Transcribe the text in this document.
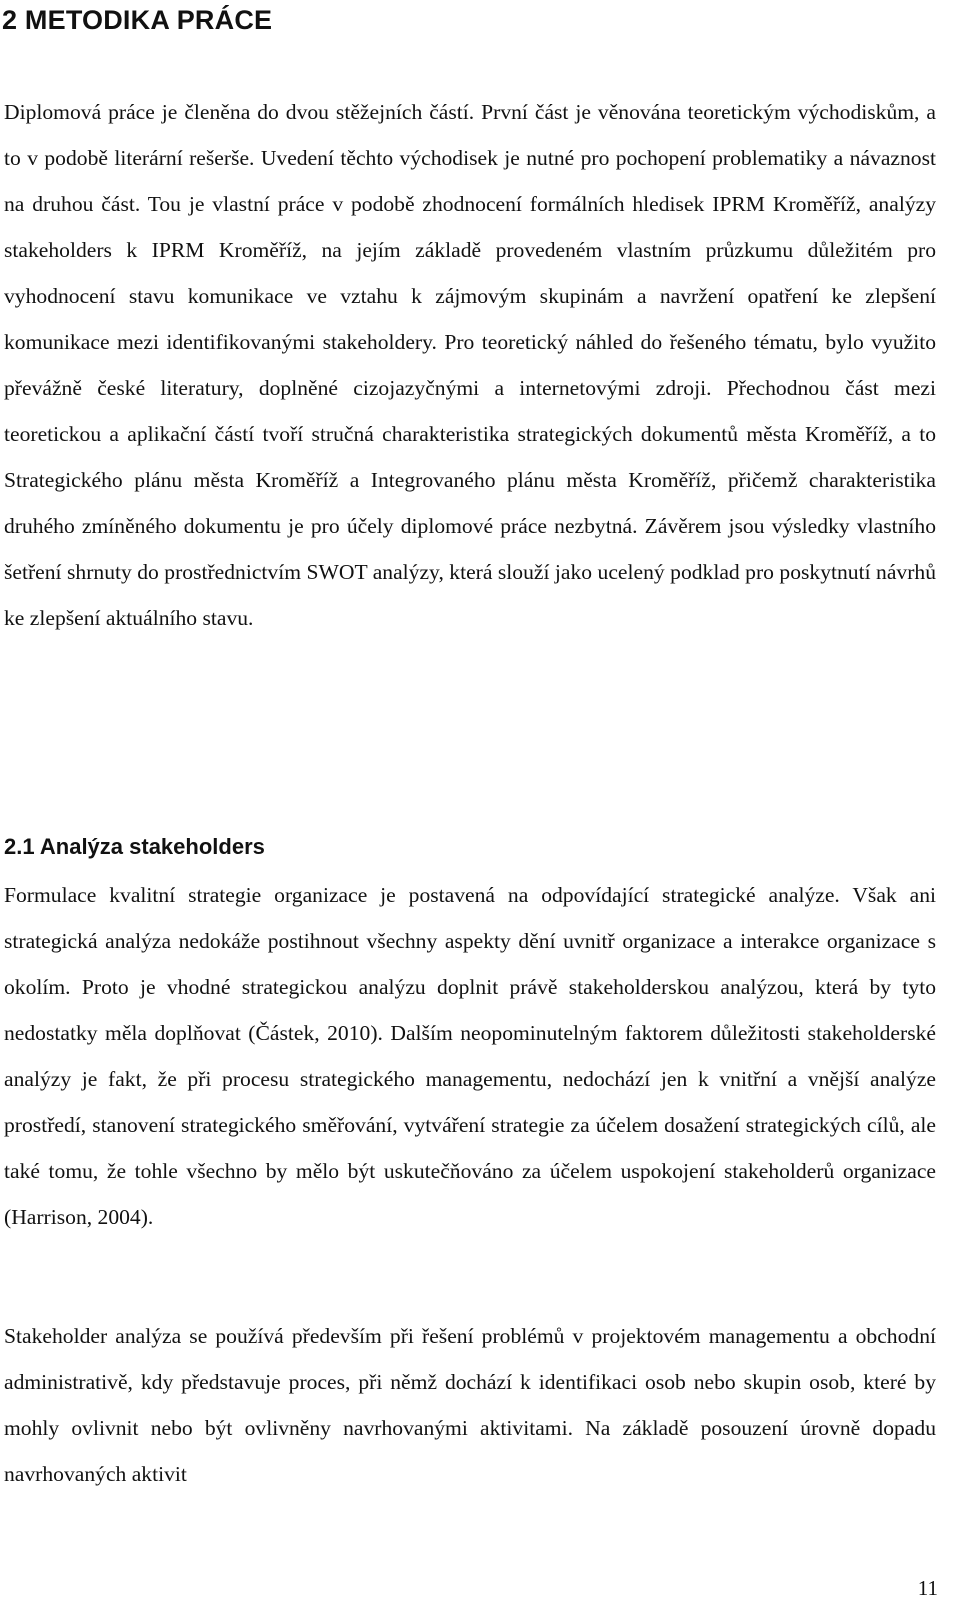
2 METODIKA PRÁCE

Diplomová práce je členěna do dvou stěžejních částí. První část je věnována teoretickým východiskům, a to v podobě literární rešerše. Uvedení těchto východisek je nutné pro pochopení problematiky a návaznost na druhou část. Tou je vlastní práce v podobě zhodnocení formálních hledisek IPRM Kroměříž, analýzy stakeholders k IPRM Kroměříž, na jejím základě provedeném vlastním průzkumu důležitém pro vyhodnocení stavu komunikace ve vztahu k zájmovým skupinám a navržení opatření ke zlepšení komunikace mezi identifikovanými stakeholdery. Pro teoretický náhled do řešeného tématu, bylo využito převážně české literatury, doplněné cizojazyčnými a internetovými zdroji. Přechodnou část mezi teoretickou a aplikační částí tvoří stručná charakteristika strategických dokumentů města Kroměříž, a to Strategického plánu města Kroměříž a Integrovaného plánu města Kroměříž, přičemž charakteristika druhého zmíněného dokumentu je pro účely diplomové práce nezbytná. Závěrem jsou výsledky vlastního šetření shrnuty do prostřednictvím SWOT analýzy, která slouží jako ucelený podklad pro poskytnutí návrhů ke zlepšení aktuálního stavu.

2.1 Analýza stakeholders

Formulace kvalitní strategie organizace je postavená na odpovídající strategické analýze. Však ani strategická analýza nedokáže postihnout všechny aspekty dění uvnitř organizace a interakce organizace s okolím. Proto je vhodné strategickou analýzu doplnit právě stakeholderskou analýzou, která by tyto nedostatky měla doplňovat (Částek, 2010). Dalším neopominutelným faktorem důležitosti stakeholderské analýzy je fakt, že při procesu strategického managementu, nedochází jen k vnitřní a vnější analýze prostředí, stanovení strategického směřování, vytváření strategie za účelem dosažení strategických cílů, ale také tomu, že tohle všechno by mělo být uskutečňováno za účelem uspokojení stakeholderů organizace (Harrison, 2004).

Stakeholder analýza se používá především při řešení problémů v projektovém managementu a obchodní administrativě, kdy představuje proces, při němž dochází k identifikaci osob nebo skupin osob, které by mohly ovlivnit nebo být ovlivněny navrhovanými aktivitami. Na základě posouzení úrovně dopadu navrhovaných aktivit

11
